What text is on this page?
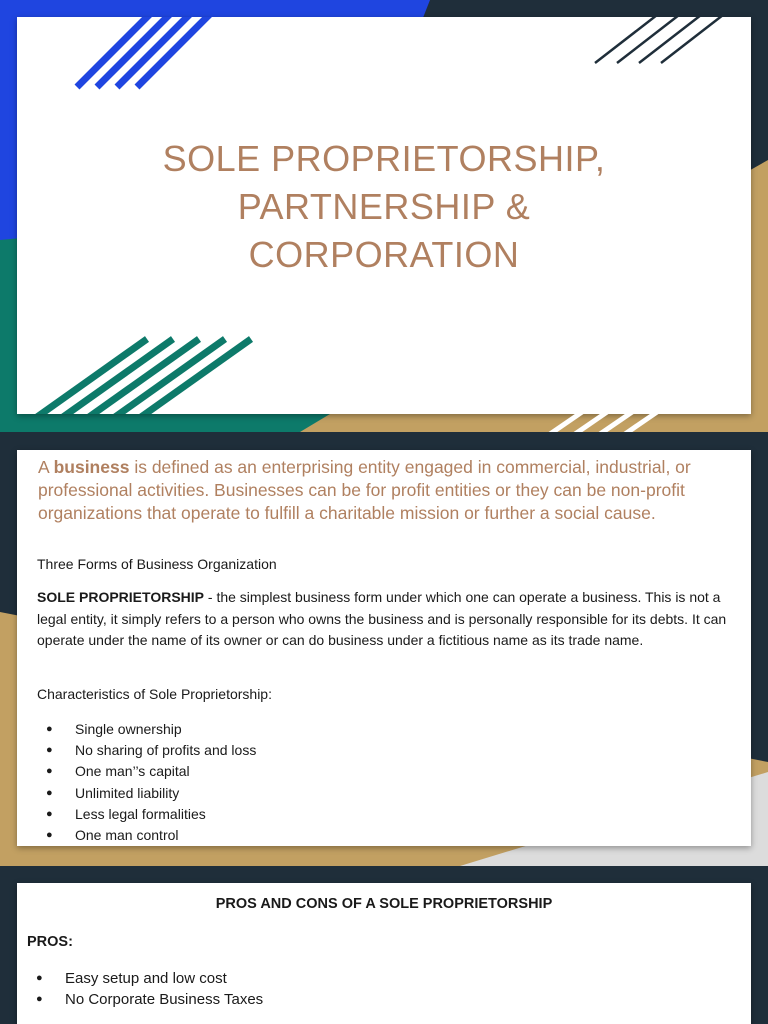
SOLE PROPRIETORSHIP,
PARTNERSHIP &
CORPORATION
A business is defined as an enterprising entity engaged in commercial, industrial, or professional activities. Businesses can be for profit entities or they can be non-profit organizations that operate to fulfill a charitable mission or further a social cause.
Three Forms of Business Organization
SOLE PROPRIETORSHIP - the simplest business form under which one can operate a business. This is not a legal entity, it simply refers to a person who owns the business and is personally responsible for its debts. It can operate under the name of its owner or can do business under a fictitious name as its trade name.
Characteristics of Sole Proprietorship:
● Single ownership
● No sharing of profits and loss
● One man’’s capital
● Unlimited liability
● Less legal formalities
● One man control
PROS AND CONS OF A SOLE PROPRIETORSHIP
PROS:
● Easy setup and low cost
● No Corporate Business Taxes
